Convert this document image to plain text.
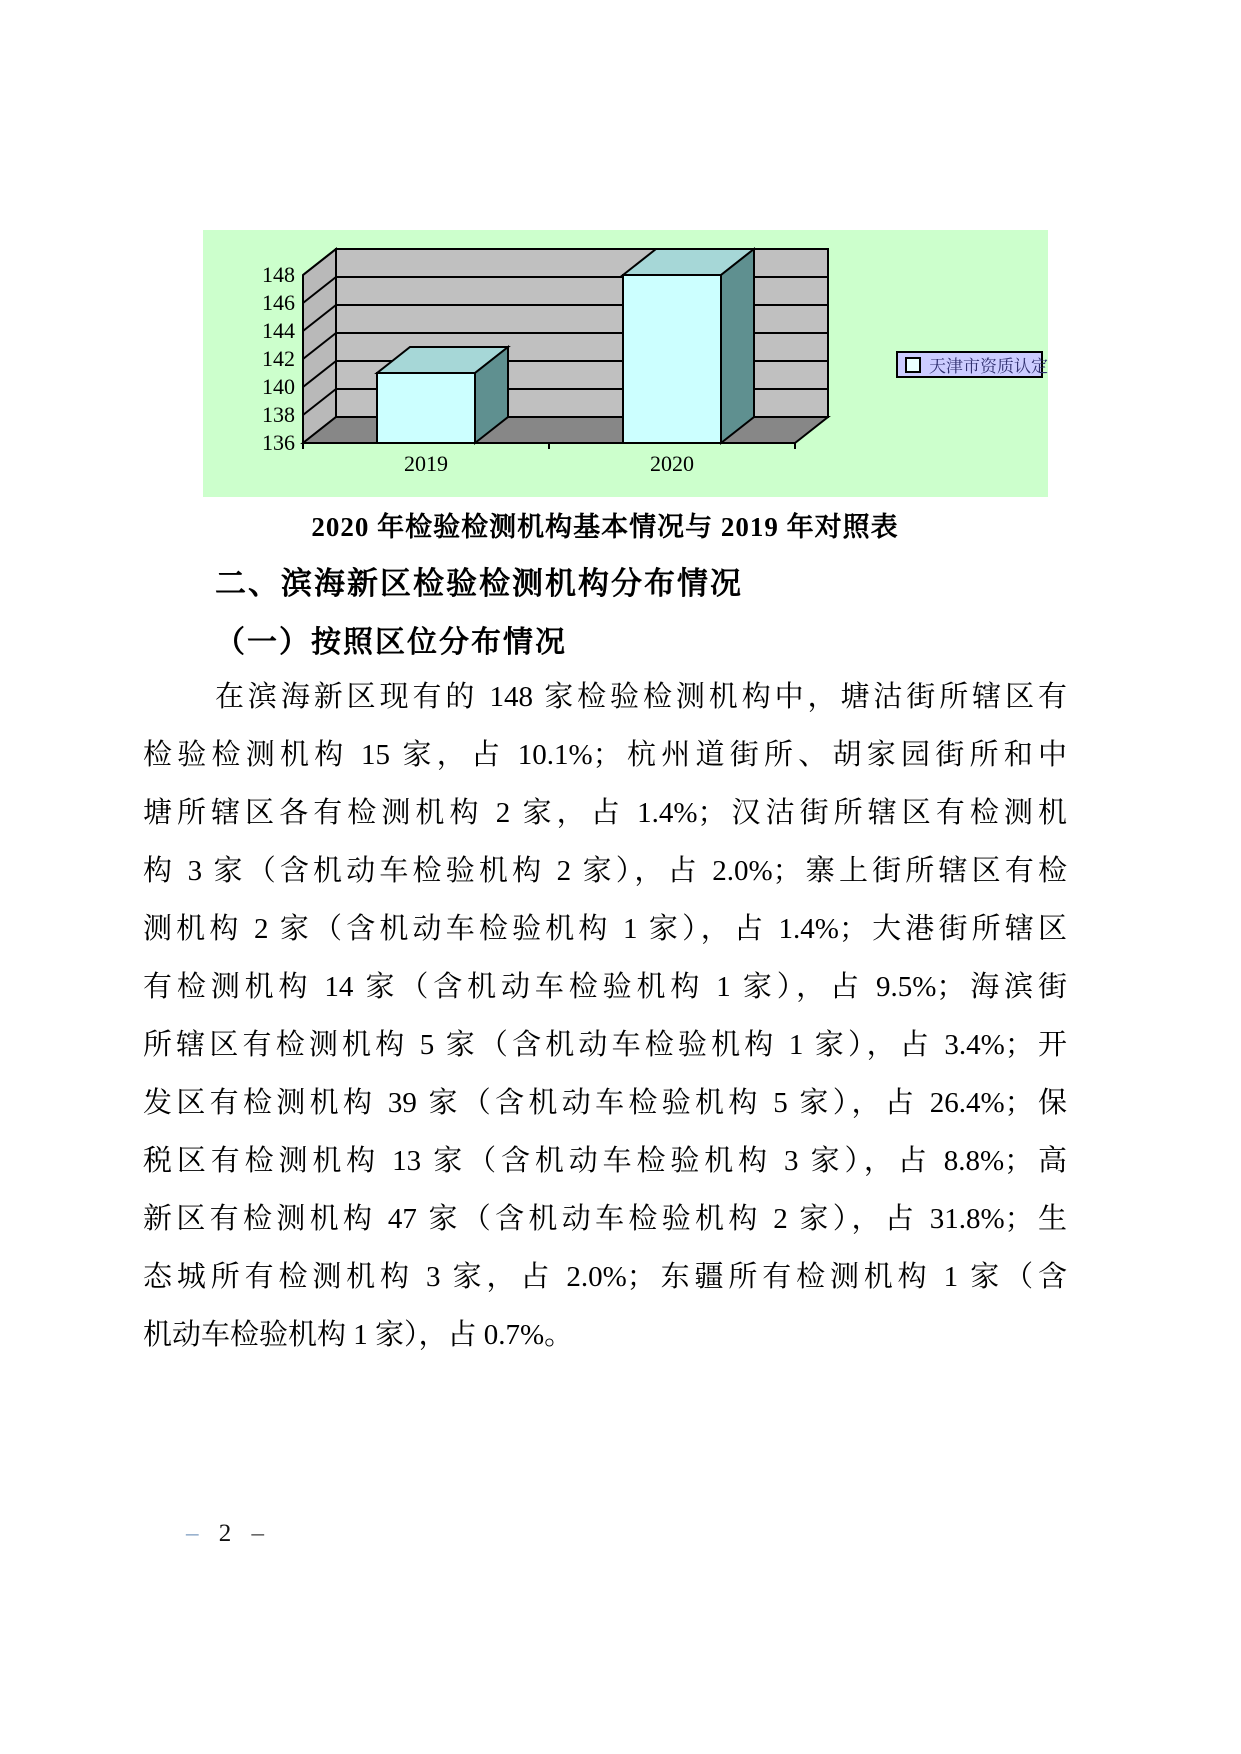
136
138
140
142
144
146
148
2019	2020
天津市资质认定
2020 年检验检测机构基本情况与 2019 年对照表
二、滨海新区检验检测机构分布情况
（一）按照区位分布情况
在滨海新区现有的 148 家检验检测机构中，塘沽街所辖区有
检验检测机构 15 家，占 10.1%；杭州道街所、胡家园街所和中
塘所辖区各有检测机构 2 家，占 1.4%；汉沽街所辖区有检测机
构 3 家（含机动车检验机构 2 家），占 2.0%；寨上街所辖区有检
测机构 2 家（含机动车检验机构 1 家），占 1.4%；大港街所辖区
有检测机构 14 家（含机动车检验机构 1 家），占 9.5%；海滨街
所辖区有检测机构 5 家（含机动车检验机构 1 家），占 3.4%；开
发区有检测机构 39 家（含机动车检验机构 5 家），占 26.4%；保
税区有检测机构 13 家（含机动车检验机构 3 家），占 8.8%；高
新区有检测机构 47 家（含机动车检验机构 2 家），占 31.8%；生
态城所有检测机构 3 家，占 2.0%；东疆所有检测机构 1 家（含
机动车检验机构 1 家），占 0.7%。
– 2 –
